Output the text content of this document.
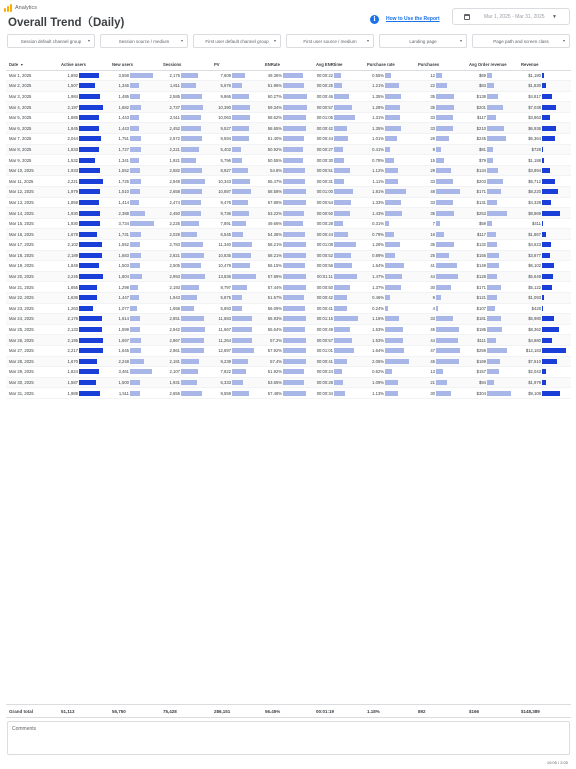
Analytics
Overall Trend（Daily)	i	How to Use the Report	Mar 1, 2025 - Mar 31, 2025	▼
Session default channel group ▾	Session source / medium	▾	First user default channel group ▾	First user source / medium	▾	Landing page	▾	Page path and screen class	▾
Date ▼	Active users	New users	Sessions	PV	ENRate	Avg ENRtime	Purchase rate	Purchases	Avg Order revenue	Revenue
Mar 1, 2025	1,892	3,558	2,175	7,609	49.36%	00:00:22	0.55%	12	$69	$1,180

Mar 2, 2025	1,507	1,346	1,811	5,676	51.96%	00:00:25	1.21%	22	$83	$1,830

Mar 3, 2025	1,984	1,485	2,585	9,866	60.27%	00:00:46	1.35%	35	$138	$4,817

Mar 4, 2025	2,197	1,682	2,737	10,390	59.34%	00:00:57	1.28%	35	$201	$7,038

Mar 5, 2025	1,885	1,443	2,511	10,063	58.62%	00:01:05	1.31%	33	$117	$3,863

Mar 6, 2025	1,845	1,443	2,452	9,527	58.65%	00:00:42	1.35%	33	$210	$6,936

Mar 7, 2025	2,044	1,751	2,572	9,594	51.40%	00:00:44	1.01%	26	$245	$6,364

Mar 8, 2025	1,833	1,727	2,221	5,402	50.92%	00:00:27	0.41%	9	$81	$728

Mar 9, 2025	1,532	1,341	1,921	5,796	50.55%	00:00:30	0.78%	15	$79	$1,188

Mar 10, 2025	1,933	1,552	2,582	8,927	54.8%	00:00:51	1.12%	29	$134	$3,894

Mar 11, 2025	2,221	1,725	2,949	10,343	55.47%	00:00:31	1.11%	33	$203	$6,712

Mar 12, 2025	1,979	1,510	2,658	10,887	58.58%	00:01:00	1.81%	48	$171	$8,220

Mar 13, 2025	1,859	1,414	2,474	9,476	57.88%	00:00:54	1.33%	33	$131	$4,328

Mar 14, 2025	1,930	2,388	2,450	9,736	53.22%	00:00:50	1.43%	35	$253	$8,869

Mar 15, 2025	1,930	3,734	2,225	7,891	49.66%	00:00:28	0.31%	7	$59	$411

Mar 16, 2025	1,678	1,731	2,029	6,545	54.36%	00:00:44	0.79%	16	$117	$1,867

Mar 17, 2025	2,102	1,552	2,783	11,340	58.21%	00:01:08	1.26%	35	$132	$4,623

Mar 18, 2025	2,189	1,683	2,821	10,835	58.21%	00:00:52	0.89%	25	$155	$3,877

Mar 19, 2025	1,849	1,503	2,505	10,478	56.15%	00:00:56	1.64%	41	$149	$6,102

Mar 20, 2025	2,245	1,804	2,993	13,836	57.89%	00:01:11	1.47%	44	$128	$5,649

Mar 21, 2025	1,655	1,298	2,193	8,797	57.44%	00:00:50	1.37%	30	$171	$5,122

Mar 22, 2025	1,636	1,447	1,943	5,875	51.57%	00:00:42	0.46%	9	$121	$1,093

Mar 23, 2025	1,263	1,077	1,658	5,893	56.09%	00:00:41	0.24%	4	$107	$428

Mar 24, 2025	2,176	1,614	2,851	11,683	56.93%	00:01:15	1.16%	33	$181	$5,980

Mar 25, 2025	2,133	1,599	2,942	11,667	55.64%	00:00:49	1.53%	45	$185	$8,362

Mar 26, 2025	2,195	1,697	2,867	11,264	57.2%	00:00:57	1.53%	44	$111	$4,880

Mar 27, 2025	2,217	1,645	2,861	12,897	57.92%	00:01:01	1.64%	47	$259	$12,183

Mar 28, 2025	1,670	2,248	2,181	9,239	57.4%	00:00:41	2.06%	45	$169	$7,610

Mar 29, 2025	1,824	3,461	2,107	7,822	51.92%	00:00:24	0.62%	13	$157	$2,043

Mar 30, 2025	1,587	1,500	1,931	6,333	53.65%	00:00:28	1.09%	21	$94	$1,979

Mar 31, 2025	1,988	1,511	2,655	9,559	57.48%	00:00:34	1.13%	30	$304	$9,108
Grand total	51,113	55,750	75,428	286,151	56.45%	00:01:19	1.18%	892	$166	$148,389
Comments
10:05 / 2:00
